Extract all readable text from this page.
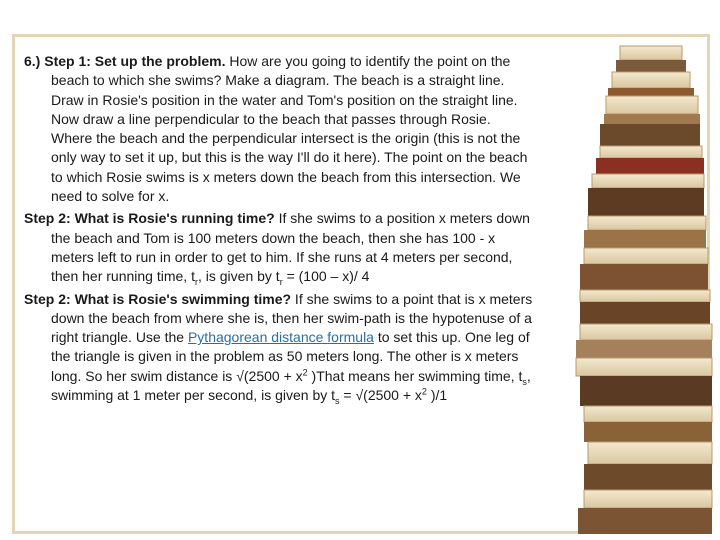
6.) Step 1: Set up the problem. How are you going to identify the point on the beach to which she swims? Make a diagram. The beach is a straight line. Draw in Rosie's position in the water and Tom's position on the straight line. Now draw a line perpendicular to the beach that passes through Rosie. Where the beach and the perpendicular intersect is the origin (this is not the only way to set it up, but this is the way I'll do it here). The point on the beach to which Rosie swims is x meters down the beach from this intersection. We need to solve for x.

Step 2: What is Rosie's running time? If she swims to a position x meters down the beach and Tom is 100 meters down the beach, then she has 100 - x meters left to run in order to get to him. If she runs at 4 meters per second, then her running time, $t_r$, is given by $t_r = (100 - x)/$ 4

Step 2: What is Rosie's swimming time? If she swims to a point that is x meters down the beach from where she is, then her swim-path is the hypotenuse of a right triangle. Use the Pythagorean distance formula to set this up. One leg of the triangle is given in the problem as 50 meters long. The other is x meters long. So her swim distance is $√(2500 + x^2$ )That means her swimming time, $t_s$, swimming at 1 meter per second, is given by $t_s = √(2500 + x^2$ )/1
